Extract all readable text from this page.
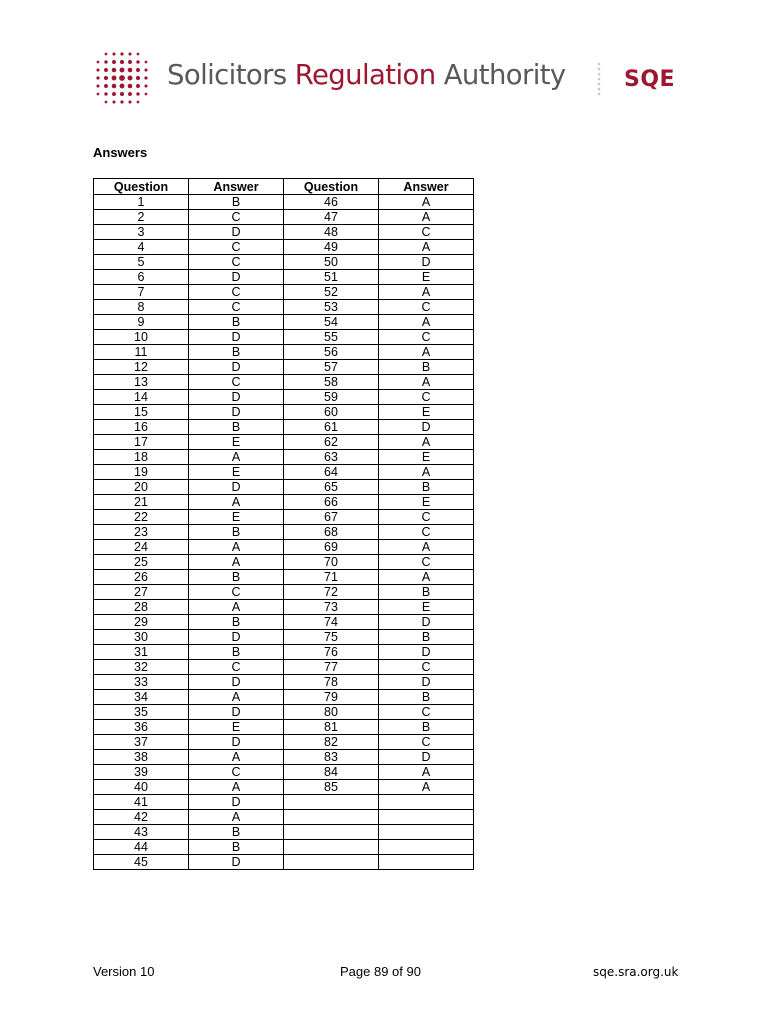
Solicitors Regulation Authority	SQE
Answers
Question	Answer	Question	Answer
1	B	46	A
2	C	47	A
3	D	48	C
4	C	49	A
5	C	50	D
6	D	51	E
7	C	52	A
8	C	53	C
9	B	54	A
10	D	55	C
11	B	56	A
12	D	57	B
13	C	58	A
14	D	59	C
15	D	60	E
16	B	61	D
17	E	62	A
18	A	63	E
19	E	64	A
20	D	65	B
21	A	66	E
22	E	67	C
23	B	68	C
24	A	69	A
25	A	70	C
26	B	71	A
27	C	72	B
28	A	73	E
29	B	74	D
30	D	75	B
31	B	76	D
32	C	77	C
33	D	78	D
34	A	79	B
35	D	80	C
36	E	81	B
37	D	82	C
38	A	83	D
39	C	84	A
40	A	85	A
41	D		
42	A		
43	B		
44	B		
45	D		
Version 10	Page 89 of 90	sqe.sra.org.uk
